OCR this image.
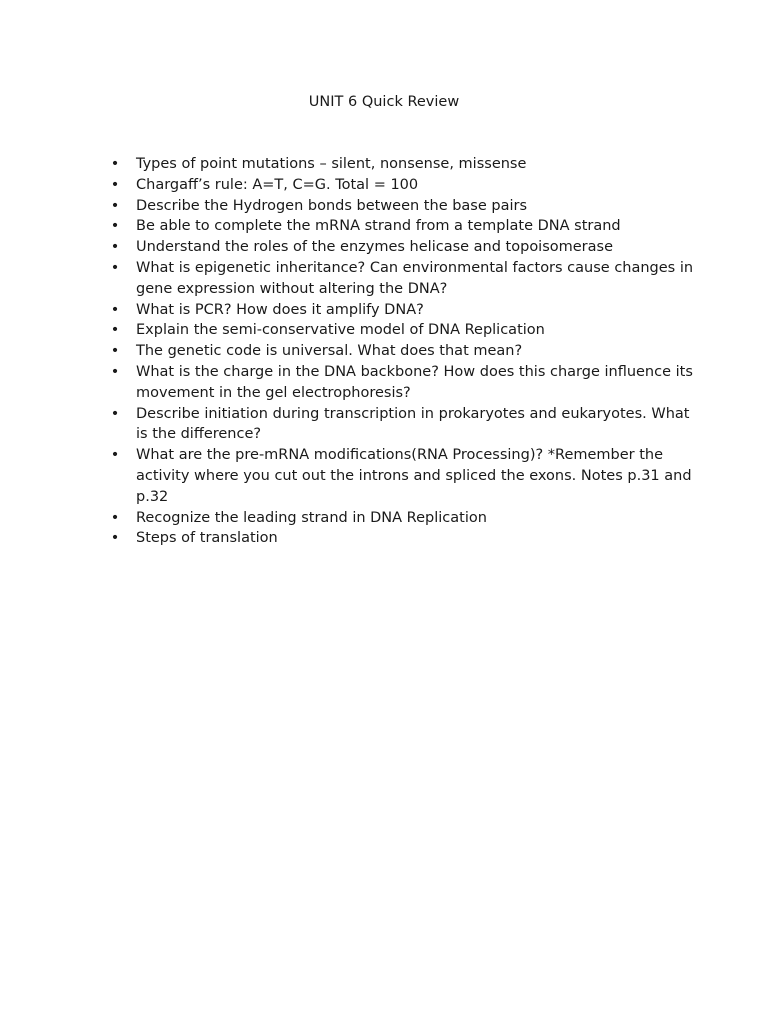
UNIT 6 Quick Review
• Types of point mutations – silent, nonsense, missense
• Chargaff’s rule: A=T, C=G. Total = 100
• Describe the Hydrogen bonds between the base pairs
• Be able to complete the mRNA strand from a template DNA strand
• Understand the roles of the enzymes helicase and topoisomerase
• What is epigenetic inheritance? Can environmental factors cause changes in gene expression without altering the DNA?
• What is PCR? How does it amplify DNA?
• Explain the semi-conservative model of DNA Replication
• The genetic code is universal. What does that mean?
• What is the charge in the DNA backbone? How does this charge influence its movement in the gel electrophoresis?
• Describe initiation during transcription in prokaryotes and eukaryotes. What is the difference?
• What are the pre-mRNA modifications(RNA Processing)? *Remember the activity where you cut out the introns and spliced the exons. Notes p.31 and p.32
• Recognize the leading strand in DNA Replication
• Steps of translation
